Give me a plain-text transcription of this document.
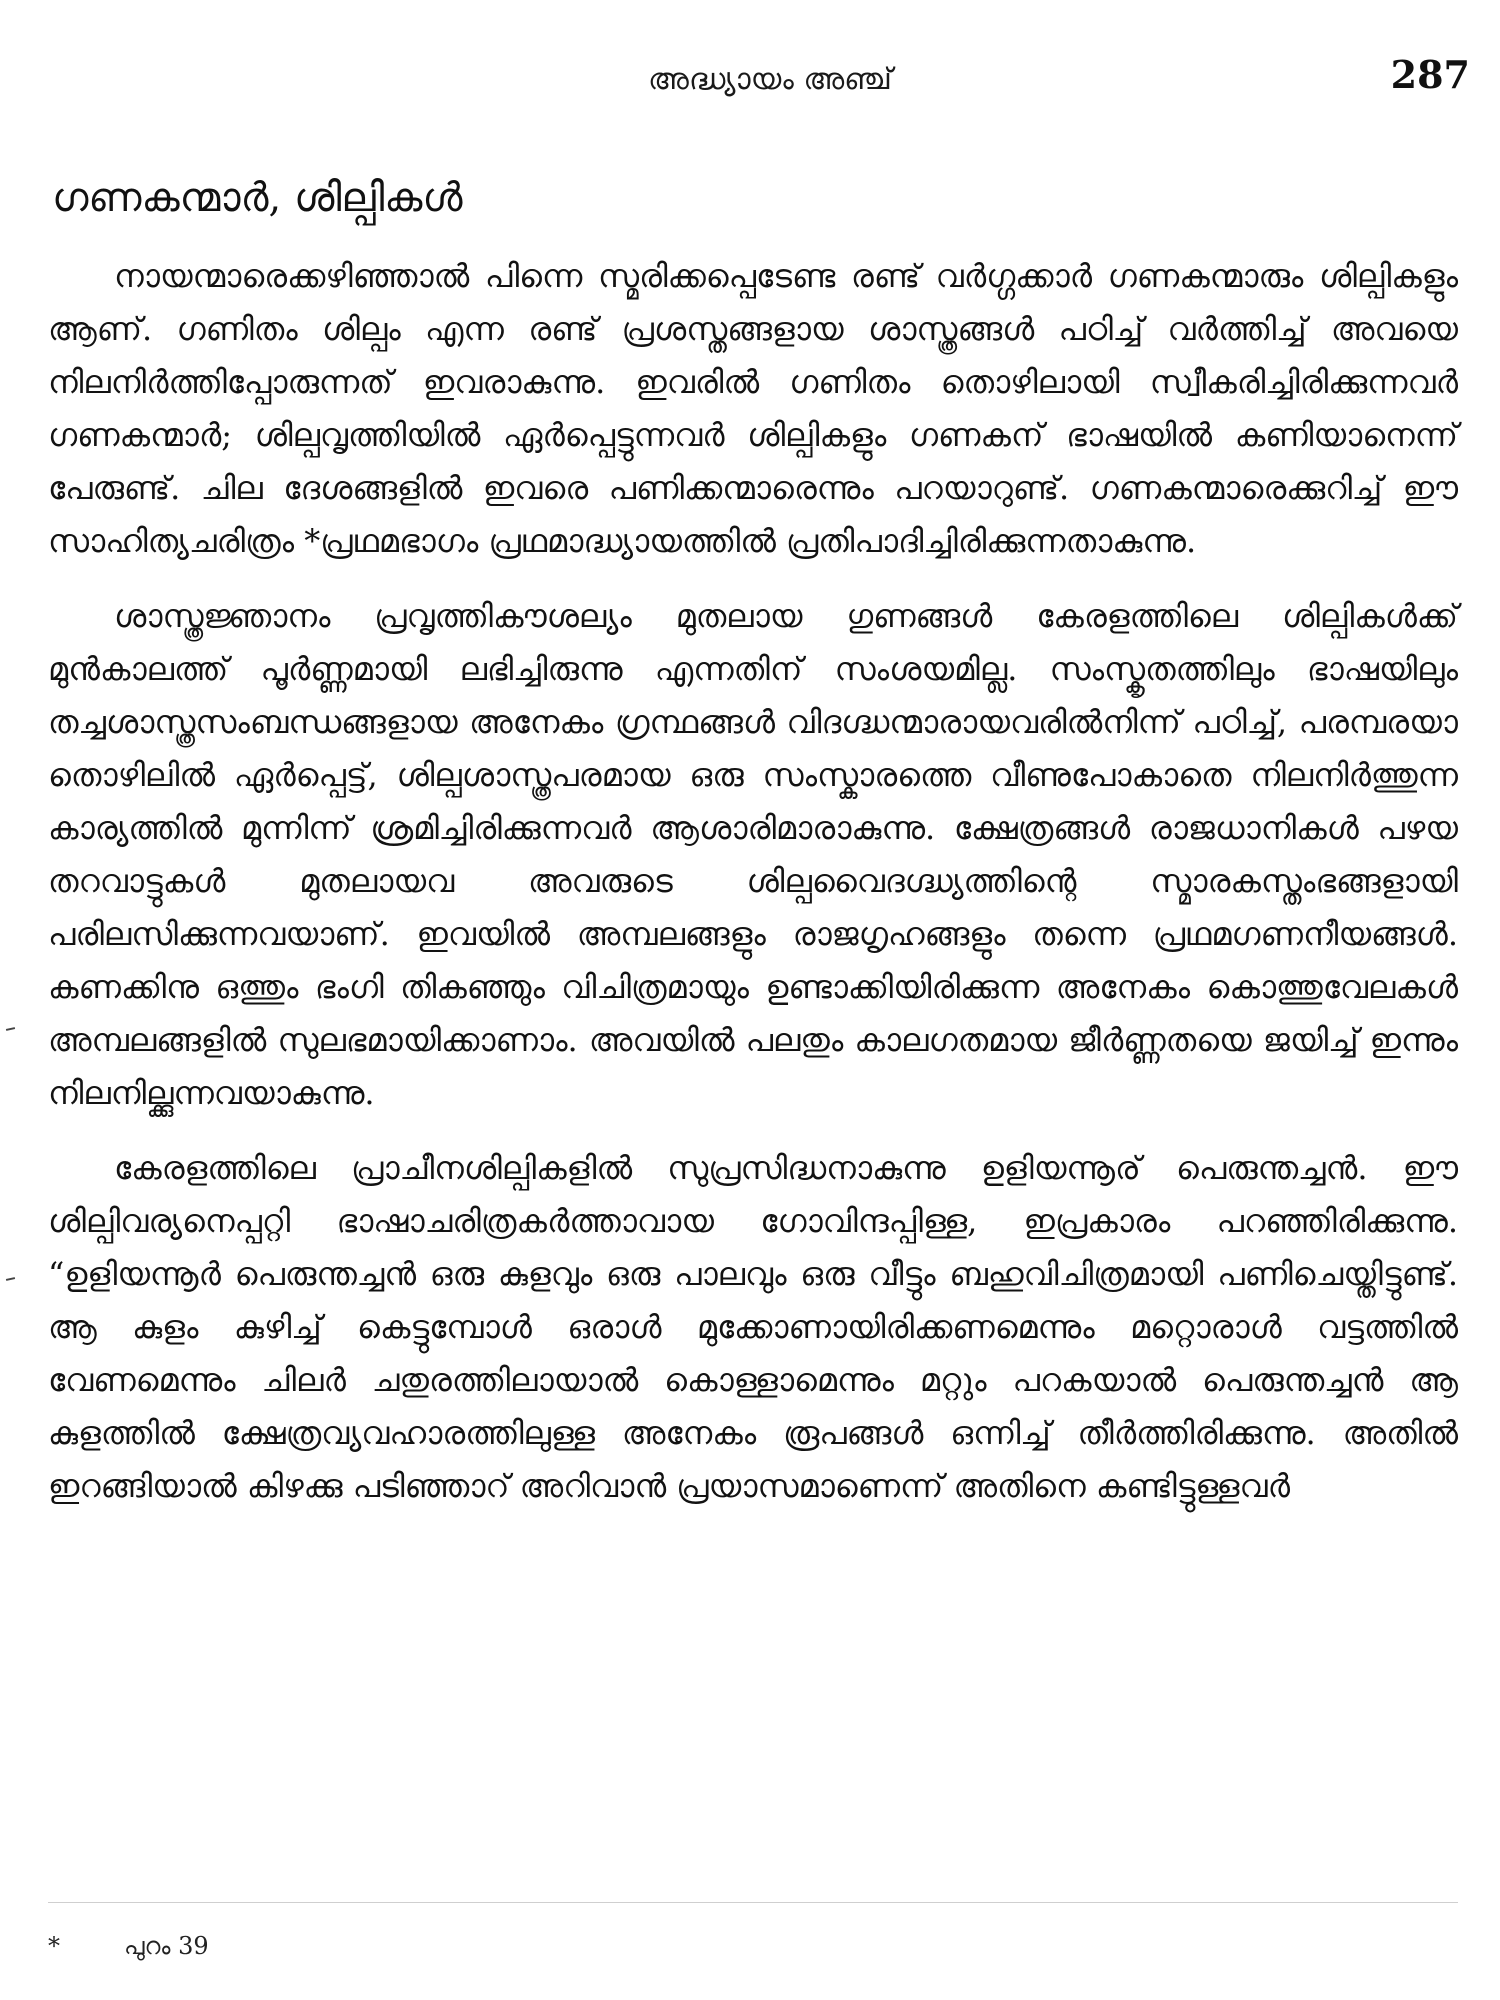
അദ്ധ്യായം അഞ്ച്	287
ഗണകന്മാർ, ശില്പികൾ

നായന്മാരെക്കഴിഞ്ഞാൽ പിന്നെ സ്മരിക്കപ്പെടേണ്ട രണ്ട് വർഗ്ഗക്കാർ ഗണകന്മാരും ശില്പികളും ആണ്. ഗണിതം ശില്പം എന്ന രണ്ട് പ്രശസ്തങ്ങളായ ശാസ്ത്രങ്ങൾ പഠിച്ച് വർത്തിച്ച് അവയെ നിലനിർത്തിപ്പോരുന്നത് ഇവരാകുന്നു. ഇവരിൽ ഗണിതം തൊഴിലായി സ്വീകരിച്ചിരിക്കുന്നവർ ഗണകന്മാർ; ശില്പവൃത്തിയിൽ ഏർപ്പെട്ടുന്നവർ ശില്പികളും ഗണകന് ഭാഷയിൽ കണിയാനെന്ന് പേരുണ്ട്. ചില ദേശങ്ങളിൽ ഇവരെ പണിക്കന്മാരെന്നും പറയാറുണ്ട്. ഗണകന്മാരെക്കുറിച്ച് ഈ സാഹിത്യചരിത്രം *പ്രഥമഭാഗം പ്രഥമാദ്ധ്യായത്തിൽ പ്രതിപാദിച്ചിരിക്കുന്നതാകുന്നു.

ശാസ്ത്രജ്ഞാനം പ്രവൃത്തികൗശല്യം മുതലായ ഗുണങ്ങൾ കേരളത്തിലെ ശില്പികൾക്ക് മുൻകാലത്ത് പൂർണ്ണമായി ലഭിച്ചിരുന്നു എന്നതിന് സംശയമില്ല. സംസ്കൃതത്തിലും ഭാഷയിലും തച്ചശാസ്ത്രസംബന്ധങ്ങളായ അനേകം ഗ്രന്ഥങ്ങൾ വിദഗ്ദ്ധന്മാരായവരിൽനിന്ന് പഠിച്ച്, പരമ്പരയാ തൊഴിലിൽ ഏർപ്പെട്ട്, ശില്പശാസ്ത്രപരമായ ഒരു സംസ്കാരത്തെ വീണുപോകാതെ നിലനിർത്തുന്ന കാര്യത്തിൽ മുന്നിന്ന് ശ്രമിച്ചിരിക്കുന്നവർ ആശാരിമാരാകുന്നു. ക്ഷേത്രങ്ങൾ രാജധാനികൾ പഴയ തറവാട്ടുകൾ മുതലായവ അവരുടെ ശില്പവൈദഗ്ദ്ധ്യത്തിന്റെ സ്മാരകസ്തംഭങ്ങളായി പരിലസിക്കുന്നവയാണ്. ഇവയിൽ അമ്പലങ്ങളും രാജഗൃഹങ്ങളും തന്നെ പ്രഥമഗണനീയങ്ങൾ. കണക്കിനു ഒത്തും ഭംഗി തികഞ്ഞും വിചിത്രമായും ഉണ്ടാക്കിയിരിക്കുന്ന അനേകം കൊത്തുവേലകൾ അമ്പലങ്ങളിൽ സുലഭമായിക്കാണാം. അവയിൽ പലതും കാലഗതമായ ജീർണ്ണതയെ ജയിച്ച് ഇന്നും നിലനില്ക്കുന്നവയാകുന്നു.

കേരളത്തിലെ പ്രാചീനശില്പികളിൽ സുപ്രസിദ്ധനാകുന്നു ഉളിയന്നൂര് പെരുന്തച്ചൻ. ഈ ശില്പിവര്യനെപ്പറ്റി ഭാഷാചരിത്രകർത്താവായ ഗോവിന്ദപ്പിള്ള, ഇപ്രകാരം പറഞ്ഞിരിക്കുന്നു. “ഉളിയന്നൂർ പെരുന്തച്ചൻ ഒരു കുളവും ഒരു പാലവും ഒരു വീട്ടും ബഹുവിചിത്രമായി പണിചെയ്തിട്ടുണ്ട്. ആ കുളം കുഴിച്ച് കെട്ടുമ്പോൾ ഒരാൾ മുക്കോണായിരിക്കണമെന്നും മറ്റൊരാൾ വട്ടത്തിൽ വേണമെന്നും ചിലർ ചതുരത്തിലായാൽ കൊള്ളാമെന്നും മറ്റും പറകയാൽ പെരുന്തച്ചൻ ആ കുളത്തിൽ ക്ഷേത്രവ്യവഹാരത്തിലുള്ള അനേകം രൂപങ്ങൾ ഒന്നിച്ച് തീർത്തിരിക്കുന്നു. അതിൽ ഇറങ്ങിയാൽ കിഴക്കു പടിഞ്ഞാറ് അറിവാൻ പ്രയാസമാണെന്ന് അതിനെ കണ്ടിട്ടുള്ളവർ

*	പുറം 39
